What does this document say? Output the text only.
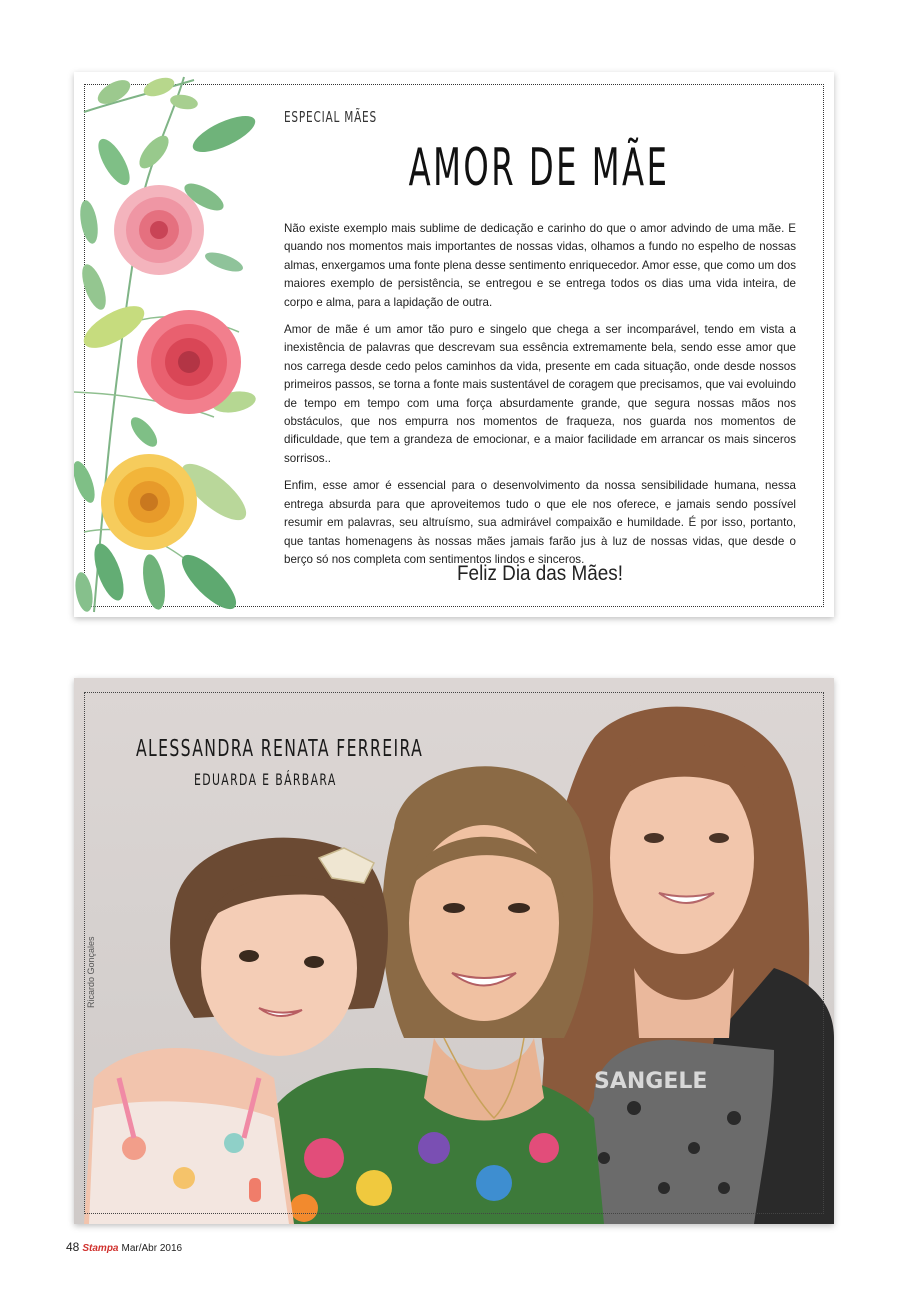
ESPECIAL MÃES
AMOR DE MÃE

Não existe exemplo mais sublime de dedicação e carinho do que o amor advindo de uma mãe. E quando nos momentos mais importantes de nossas vidas, olhamos a fundo no espelho de nossas almas, enxergamos uma fonte plena desse sentimento enriquecedor. Amor esse, que como um dos maiores exemplo de persistência, se entregou e se entrega todos os dias uma vida inteira, de corpo e alma, para a lapidação de outra.

Amor de mãe é um amor tão puro e singelo que chega a ser incomparável, tendo em vista a inexistência de palavras que descrevam sua essência extremamente bela, sendo esse amor que nos carrega desde cedo pelos caminhos da vida, presente em cada situação, onde desde nossos primeiros passos, se torna a fonte mais sustentável de coragem que precisamos, que vai evoluindo de tempo em tempo com uma força absurdamente grande, que segura nossas mãos nos obstáculos, que nos empurra nos momentos de fraqueza, nos guarda nos momentos de dificuldade, que tem a grandeza de emocionar, e a maior facilidade em arrancar os mais sinceros sorrisos..

Enfim, esse amor é essencial para o desenvolvimento da nossa sensibilidade humana, nessa entrega absurda para que aproveitemos tudo o que ele nos oferece, e jamais sendo possível resumir em palavras, seu altruísmo, sua admirável compaixão e humildade. É por isso, portanto, que tantas homenagens às nossas mães jamais farão jus à luz de nossas vidas, que desde o berço só nos completa com sentimentos lindos e sinceros.

Feliz Dia das Mães!
SANGELE
ALESSANDRA RENATA FERREIRA
EDUARDA E BÁRBARA
Ricardo Gonçales
48 Stampa Mar/Abr 2016
